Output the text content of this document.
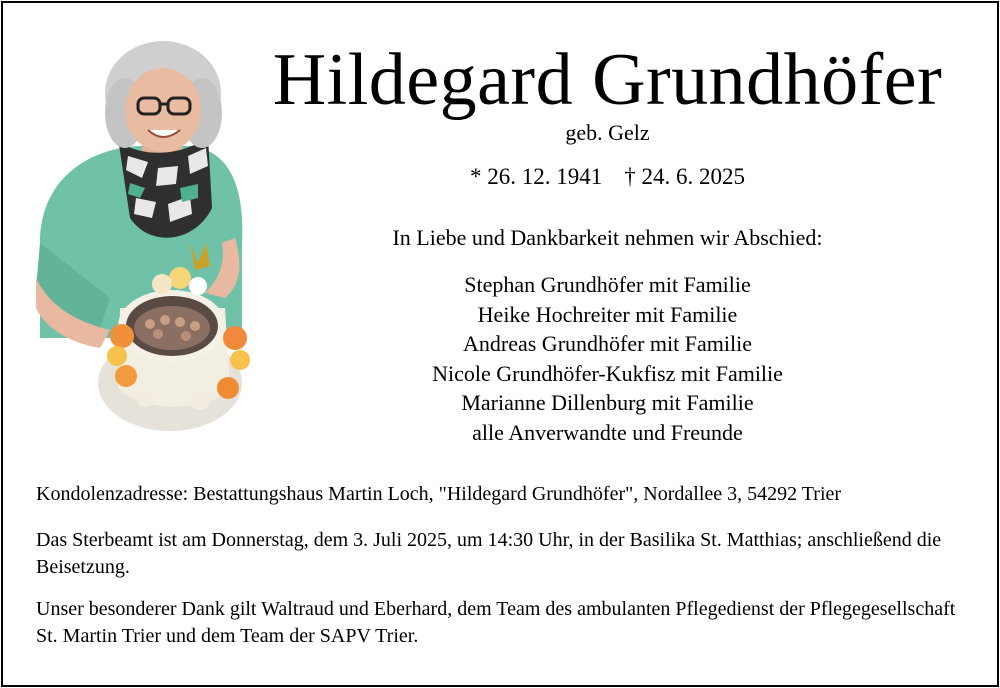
Hildegard Grundhöfer
geb. Gelz
* 26. 12. 1941 † 24. 6. 2025
In Liebe und Dankbarkeit nehmen wir Abschied:
Stephan Grundhöfer mit Familie
Heike Hochreiter mit Familie
Andreas Grundhöfer mit Familie
Nicole Grundhöfer-Kukfisz mit Familie
Marianne Dillenburg mit Familie
alle Anverwandte und Freunde
Kondolenzadresse: Bestattungshaus Martin Loch, "Hildegard Grundhöfer", Nordallee 3, 54292 Trier
Das Sterbeamt ist am Donnerstag, dem 3. Juli 2025, um 14:30 Uhr, in der Basilika St. Matthias; anschließend die Beisetzung.
Unser besonderer Dank gilt Waltraud und Eberhard, dem Team des ambulanten Pflegedienst der Pflegegesellschaft St. Martin Trier und dem Team der SAPV Trier.
